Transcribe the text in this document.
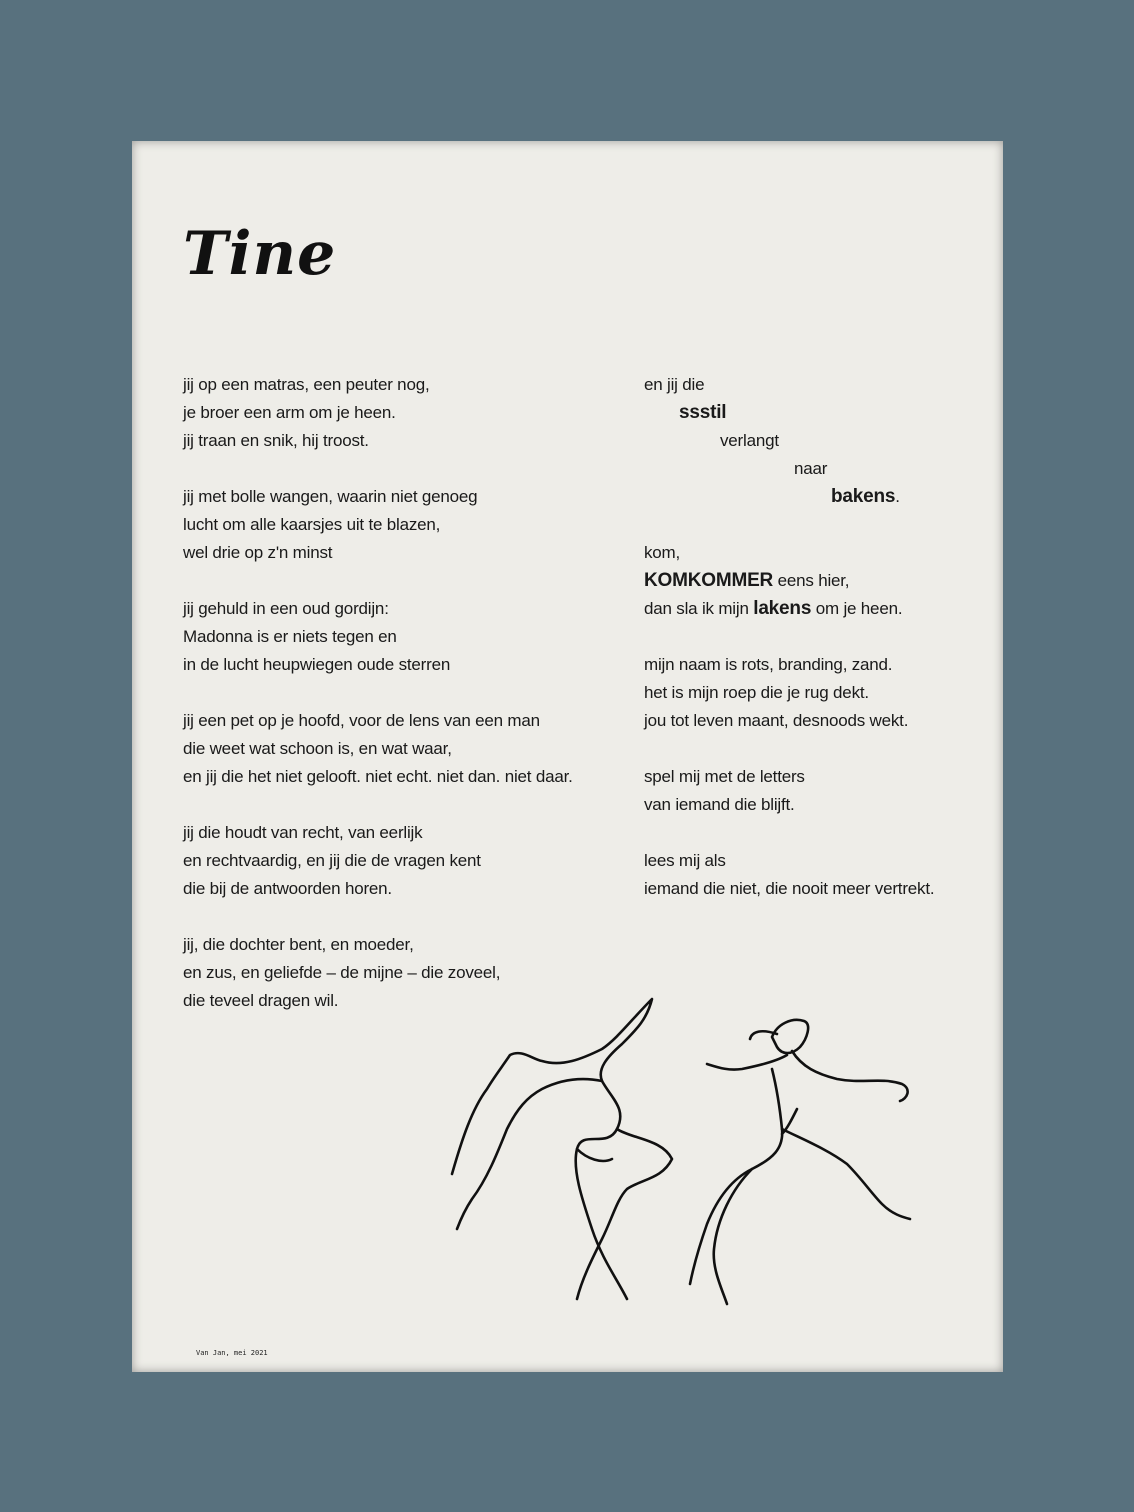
Tine
jij op een matras, een peuter nog,
je broer een arm om je heen.
jij traan en snik, hij troost.
jij met bolle wangen, waarin niet genoeg
lucht om alle kaarsjes uit te blazen,
wel drie op z'n minst
jij gehuld in een oud gordijn:
Madonna is er niets tegen en
in de lucht heupwiegen oude sterren
jij een pet op je hoofd, voor de lens van een man
die weet wat schoon is, en wat waar,
en jij die het niet gelooft. niet echt. niet dan. niet daar.
jij die houdt van recht, van eerlijk
en rechtvaardig, en jij die de vragen kent
die bij de antwoorden horen.
jij, die dochter bent, en moeder,
en zus, en geliefde – de mijne – die zoveel,
die teveel dragen wil.
en jij die
ssstil
verlangt
naar
bakens.
kom,
KOMKOMMER eens hier,
dan sla ik mijn lakens om je heen.
mijn naam is rots, branding, zand.
het is mijn roep die je rug dekt.
jou tot leven maant, desnoods wekt.
spel mij met de letters
van iemand die blijft.
lees mij als
iemand die niet, die nooit meer vertrekt.
Van Jan, mei 2021
